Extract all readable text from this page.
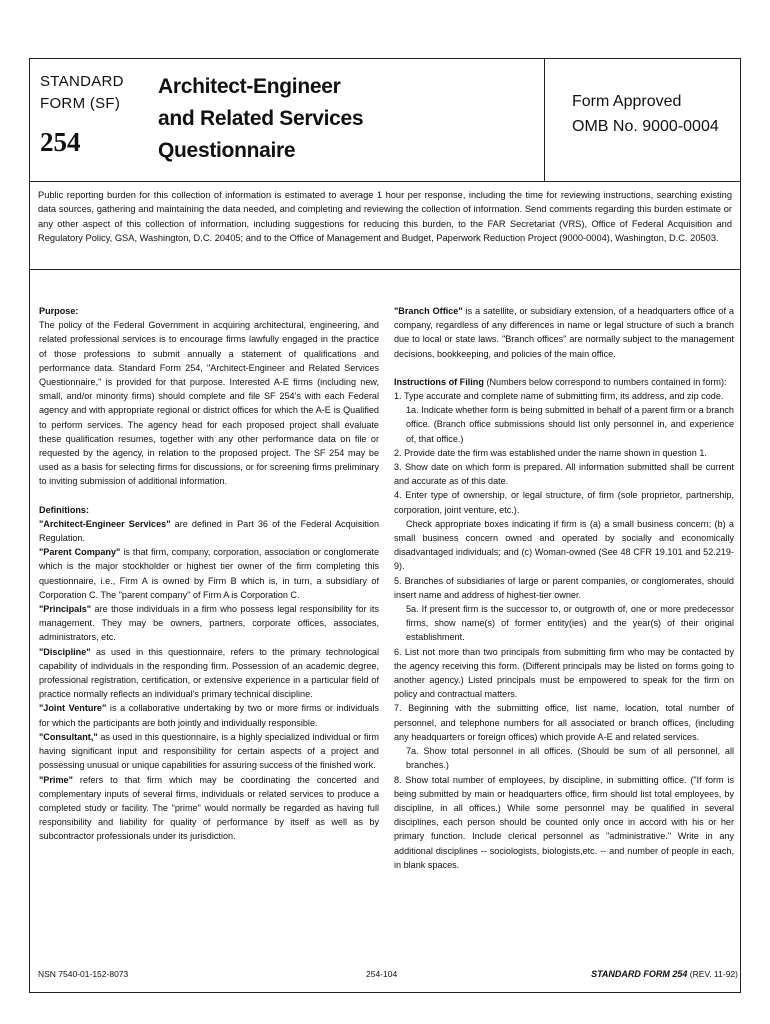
STANDARD
FORM (SF)
254
Architect-Engineer
and Related Services
Questionnaire
Form Approved
OMB No. 9000-0004
Public reporting burden for this collection of information is estimated to average 1 hour per response, including the time for reviewing instructions, searching existing data sources, gathering and maintaining the data needed, and completing and reviewing the collection of information. Send comments regarding this burden estimate or any other aspect of this collection of information, including suggestions for reducing this burden, to the FAR Secretariat (VRS), Office of Federal Acquisition and Regulatory Policy, GSA, Washington, D.C. 20405; and to the Office of Management and Budget, Paperwork Reduction Project (9000-0004), Washington, D.C. 20503.

Purpose:

The policy of the Federal Government in acquiring architectural, engineering, and related professional services is to encourage firms lawfully engaged in the practice of those professions to submit annually a statement of qualifications and performance data. Standard Form 254, "Architect-Engineer and Related Services Questionnaire," is provided for that purpose. Interested A-E firms (including new, small, and/or minority firms) should complete and file SF 254's with each Federal agency and with appropriate regional or district offices for which the A-E is Qualified to perform services. The agency head for each proposed project shall evaluate these qualification resumes, together with any other performance data on file or requested by the agency, in relation to the proposed project. The SF 254 may be used as a basis for selecting firms for discussions, or for screening firms preliminary to inviting submission of additional information.

Definitions:

"Architect-Engineer Services" are defined in Part 36 of the Federal Acquisition Regulation.

"Parent Company" is that firm, company, corporation, association or conglomerate which is the major stockholder or highest tier owner of the firm completing this questionnaire, i.e., Firm A is owned by Firm B which is, in turn, a subsidiary of Corporation C. The "parent company" of Firm A is Corporation C.

"Principals" are those individuals in a firm who possess legal responsibility for its management. They may be owners, partners, corporate offices, associates, administrators, etc.

"Discipline" as used in this questionnaire, refers to the primary technological capability of individuals in the responding firm. Possession of an academic degree, professional registration, certification, or extensive experience in a particular field of practice normally reflects an individual's primary technical discipline.

"Joint Venture" is a collaborative undertaking by two or more firms or individuals for which the participants are both jointly and individually responsible.

"Consultant," as used in this questionnaire, is a highly specialized individual or firm having significant input and responsibility for certain aspects of a project and possessing unusual or unique capabilities for assuring success of the finished work.

"Prime" refers to that firm which may be coordinating the concerted and complementary inputs of several firms, individuals or related services to produce a completed study or facility. The "prime" would normally be regarded as having full responsibility and liability for quality of performance by itself as well as by subcontractor professionals under its jurisdiction.

"Branch Office" is a satellite, or subsidiary extension, of a headquarters office of a company, regardless of any differences in name or legal structure of such a branch due to local or state laws. "Branch offices" are normally subject to the management decisions, bookkeeping, and policies of the main office.

Instructions of Filing (Numbers below correspond to numbers contained in form):

1. Type accurate and complete name of submitting firm, its address, and zip code.

1a. Indicate whether form is being submitted in behalf of a parent firm or a branch office. (Branch office submissions should list only personnel in, and experience of, that office.)

2. Provide date the firm was established under the name shown in question 1.

3. Show date on which form is prepared. All information submitted shall be current and accurate as of this date.

4. Enter type of ownership, or legal structure, of firm (sole proprietor, partnership, corporation, joint venture, etc.).

Check appropriate boxes indicating if firm is (a) a small business concern; (b) a small business concern owned and operated by socially and economically disadvantaged individuals; and (c) Woman-owned (See 48 CFR 19.101 and 52.219-9).

5. Branches of subsidiaries of large or parent companies, or conglomerates, should insert name and address of highest-tier owner.

5a. If present firm is the successor to, or outgrowth of, one or more predecessor firms, show name(s) of former entity(ies) and the year(s) of their original establishment.

6. List not more than two principals from submitting firm who may be contacted by the agency receiving this form. (Different principals may be listed on forms going to another agency.) Listed principals must be empowered to speak for the firm on policy and contractual matters.

7. Beginning with the submitting office, list name, location, total number of personnel, and telephone numbers for all associated or branch offices, (including any headquarters or foreign offices) which provide A-E and related services.

7a. Show total personnel in all offices. (Should be sum of all personnel, all branches.)

8. Show total number of employees, by discipline, in submitting office. ("If form is being submitted by main or headquarters office, firm should list total employees, by discipline, in all offices.) While some personnel may be qualified in several disciplines, each person should be counted only once in accord with his or her primary function. Include clerical personnel as "administrative." Write in any additional disciplines -- sociologists, biologists,etc. -- and number of people in each, in blank spaces.

NSN 7540-01-152-8073	254-104	STANDARD FORM 254 (REV. 11-92)
